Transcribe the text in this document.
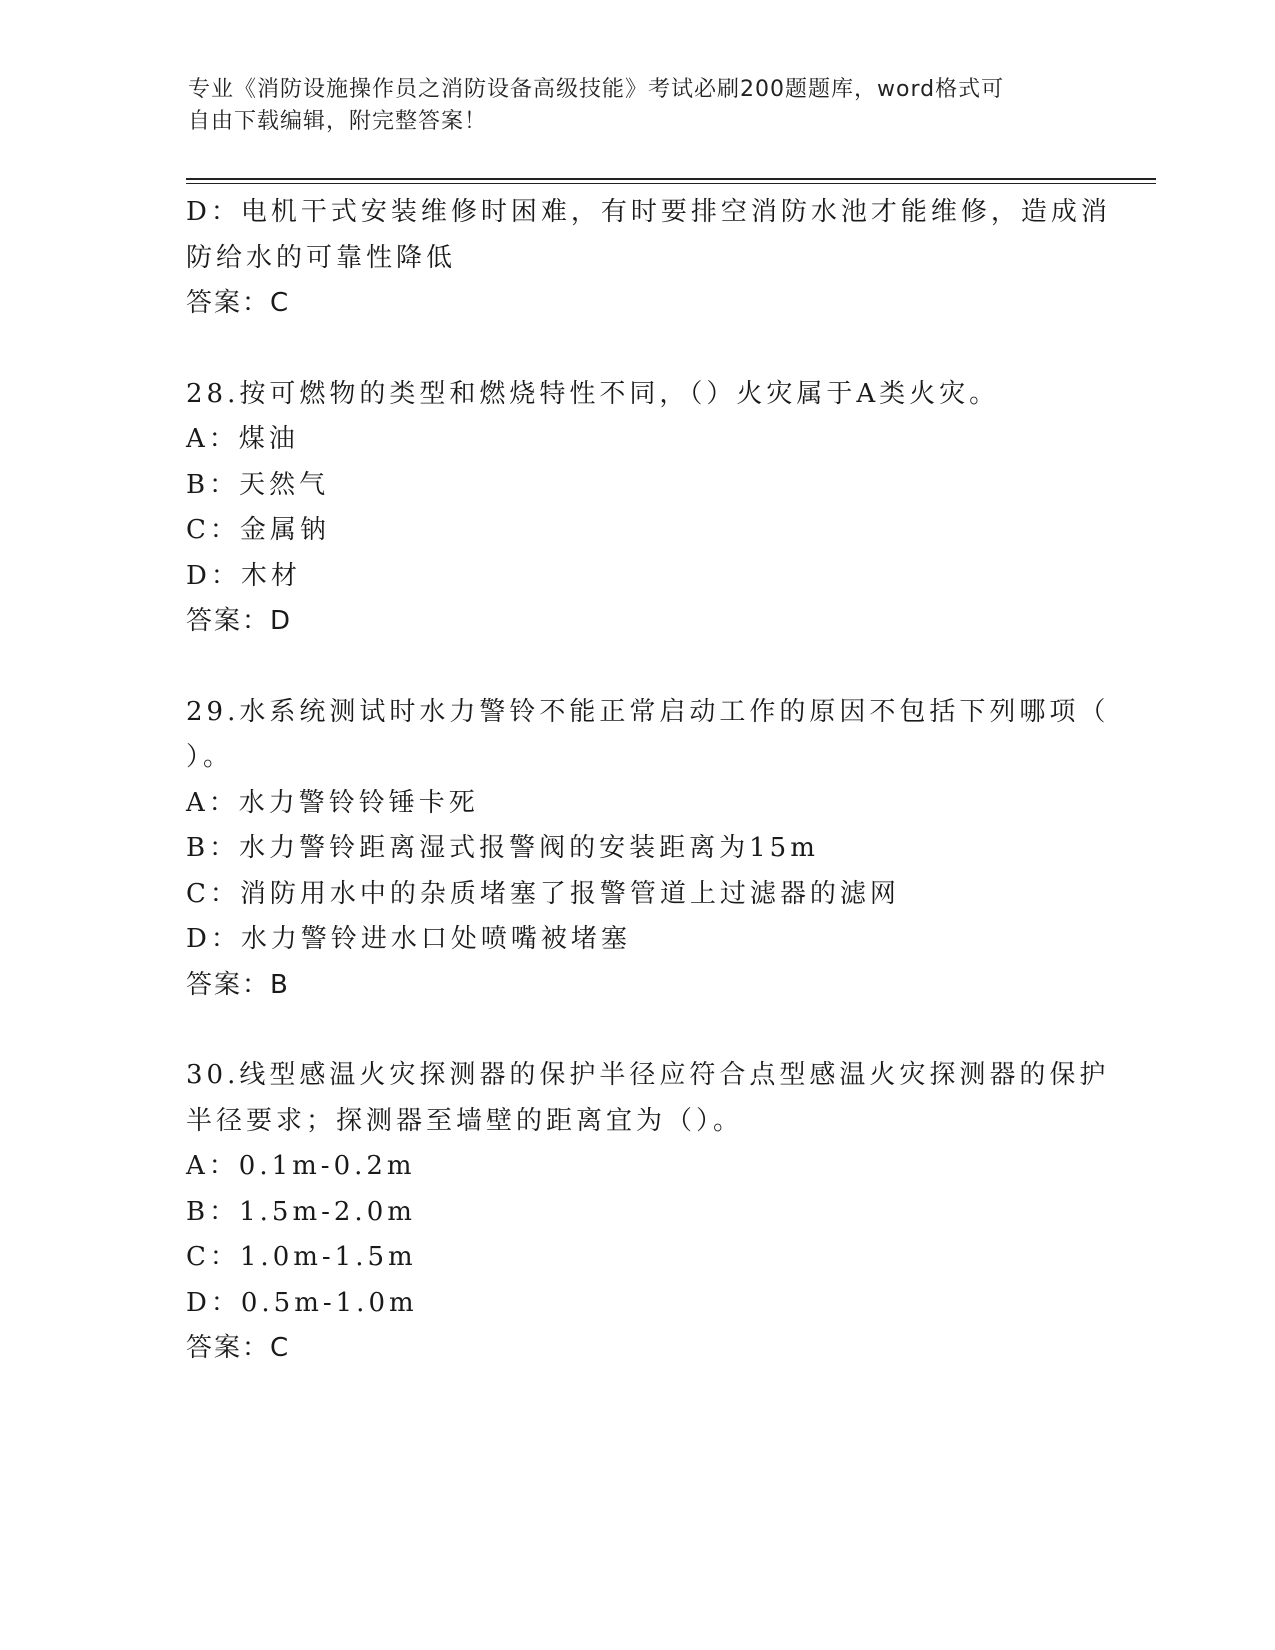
专业《消防设施操作员之消防设备高级技能》考试必刷200题题库，word格式可
自由下载编辑，附完整答案！
D：电机干式安装维修时困难，有时要排空消防水池才能维修，造成消
防给水的可靠性降低
答案：C
28.按可燃物的类型和燃烧特性不同，（）火灾属于A类火灾。
A：煤油
B：天然气
C：金属钠
D：木材
答案：D
29.水系统测试时水力警铃不能正常启动工作的原因不包括下列哪项（
）。
A：水力警铃铃锤卡死
B：水力警铃距离湿式报警阀的安装距离为15m
C：消防用水中的杂质堵塞了报警管道上过滤器的滤网
D：水力警铃进水口处喷嘴被堵塞
答案：B
30.线型感温火灾探测器的保护半径应符合点型感温火灾探测器的保护
半径要求；探测器至墙壁的距离宜为（）。
A：0.1m-0.2m
B：1.5m-2.0m
C：1.0m-1.5m
D：0.5m-1.0m
答案：C
